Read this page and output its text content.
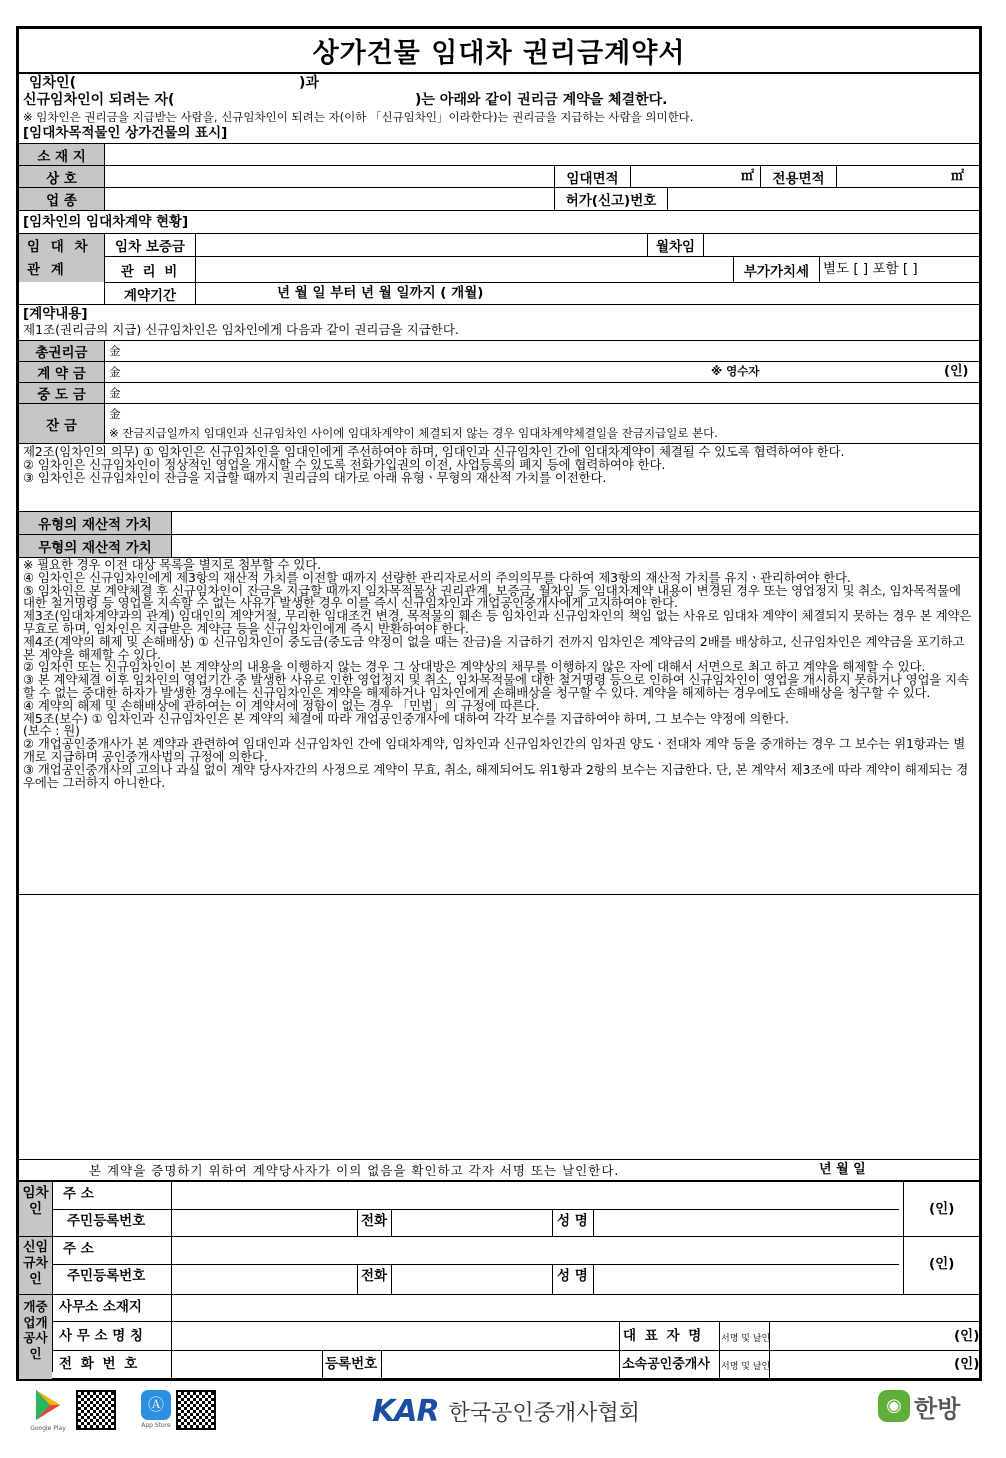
상가건물 임대차 권리금계약서
임차인(	)과
신규임차인이 되려는 자(	)는 아래와 같이 권리금 계약을 체결한다.
※ 임차인은 권리금을 지급받는 사람을, 신규임차인이 되려는 자(이하 「신규임차인」이라한다)는 권리금을 지급하는 사람을 의미한다.
[임대차목적물인 상가건물의 표시]
소 재 지
상 호
업 종
임대면적	㎡	전용면적	㎡
허가(신고)번호
[임차인의 임대차계약 현황]
임 대 차
관 계
임차 보증금	월차임
관 리 비	부가가치세	별도 [ ] 포함 [ ]
계약기간	년 월 일 부터 년 월 일까지 ( 개월)
[계약내용]
제1조(권리금의 지급) 신규임차인은 임차인에게 다음과 같이 권리금을 지급한다.
총권리금	金
계 약 금	金	※ 영수자	(인)
중 도 금	金
잔 금
金
※ 잔금지급일까지 임대인과 신규임차인 사이에 임대차계약이 체결되지 않는 경우 임대차계약체결일을 잔금지급일로 본다.
제2조(임차인의 의무) ① 임차인은 신규임차인을 임대인에게 주선하여야 하며, 임대인과 신규임차인 간에 임대차계약이 체결될 수 있도록 협력하여야 한다.
② 임차인은 신규임차인이 정상적인 영업을 개시할 수 있도록 전화가입권의 이전, 사업등록의 폐지 등에 협력하여야 한다.
③ 임차인은 신규임차인이 잔금을 지급할 때까지 권리금의 대가로 아래 유형ㆍ무형의 재산적 가치를 이전한다.
유형의 재산적 가치
무형의 재산적 가치
※ 필요한 경우 이전 대상 목록을 별지로 첨부할 수 있다.
④ 임차인은 신규임차인에게 제3항의 재산적 가치를 이전할 때까지 선량한 관리자로서의 주의의무를 다하여 제3항의 재산적 가치를 유지ㆍ관리하여야 한다.
⑤ 임차인은 본 계약체결 후 신규임차인이 잔금을 지급할 때까지 임차목적물상 권리관계, 보증금, 월차임 등 임대차계약 내용이 변경된 경우 또는 영업정지 및 취소, 임차목적물에 대한 철거명령 등 영업을 지속할 수 없는 사유가 발생한 경우 이를 즉시 신규임차인과 개업공인중개사에게 고지하여야 한다.
제3조(임대차계약과의 관계) 임대인의 계약거절, 무리한 임대조건 변경, 목적물의 훼손 등 임차인과 신규임차인의 책임 없는 사유로 임대차 계약이 체결되지 못하는 경우 본 계약은 무효로 하며, 임차인은 지급받은 계약금 등을 신규임차인에게 즉시 반환하여야 한다.
제4조(계약의 해제 및 손해배상) ① 신규임차인이 중도금(중도금 약정이 없을 때는 잔금)을 지급하기 전까지 임차인은 계약금의 2배를 배상하고, 신규임차인은 계약금을 포기하고 본 계약을 해제할 수 있다.
② 임차인 또는 신규임차인이 본 계약상의 내용을 이행하지 않는 경우 그 상대방은 계약상의 채무를 이행하지 않은 자에 대해서 서면으로 최고 하고 계약을 해제할 수 있다.
③ 본 계약체결 이후 임차인의 영업기간 중 발생한 사유로 인한 영업정지 및 취소, 임차목적물에 대한 철거명령 등으로 인하여 신규임차인이 영업을 개시하지 못하거나 영업을 지속할 수 없는 중대한 하자가 발생한 경우에는 신규임차인은 계약을 해제하거나 임차인에게 손해배상을 청구할 수 있다. 계약을 해제하는 경우에도 손해배상을 청구할 수 있다.
④ 계약의 해제 및 손해배상에 관하여는 이 계약서에 정함이 없는 경우 「민법」의 규정에 따른다.
제5조(보수) ① 임차인과 신규임차인은 본 계약의 체결에 따라 개업공인중개사에 대하여 각각 보수를 지급하여야 하며, 그 보수는 약정에 의한다.
(보수 : 원)
② 개업공인중개사가 본 계약과 관련하여 임대인과 신규임차인 간에 임대차계약, 임차인과 신규임차인간의 임차권 양도ㆍ전대차 계약 등을 중개하는 경우 그 보수는 위1항과는 별개로 지급하며 공인중개사법의 규정에 의한다.
③ 개업공인중개사의 고의나 과실 없이 계약 당사자간의 사정으로 계약이 무효, 취소, 해제되어도 위1항과 2항의 보수는 지급한다. 단, 본 계약서 제3조에 따라 계약이 해제되는 경우에는 그러하지 아니한다.
본 계약을 증명하기 위하여 계약당사자가 이의 없음을 확인하고 각자 서명 또는 날인한다.	년 월 일
임차인
주 소
주민등록번호	전화	성 명
(인)
신임규차인
주 소
주민등록번호	전화	성 명
(인)
개중업개공사인
사무소 소재지
사 무 소 명 칭	대 표 자 명 서명 및 날인	(인)
전 화 번 호	등록번호	소속공인중개사 서명 및 날인	(인)
Google Play
Ⓐ
App Store	KAR 한국공인중개사협회	◉ 한방
